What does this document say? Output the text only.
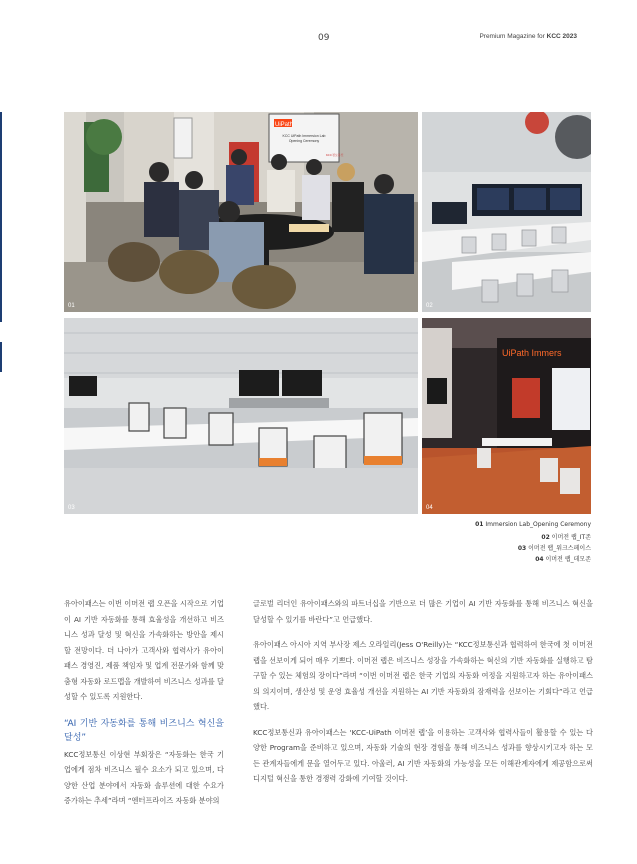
09	Premium Magazine for KCC 2023
UiPath
KCC UiPath Immersion Lab
Opening Ceremony
KCC정보통신
01	02
03
UiPath Immers
04
01 Immersion Lab_Opening Ceremony
02 이머전 랩_IT존
03 이머전 랩_워크스페이스
04 이머전 랩_데모존

유아이패스는 이번 이머전 랩 오픈을 시작으로 기업이 AI 기반 자동화를 통해 효율성을 개선하고 비즈니스 성과 달성 및 혁신을 가속화하는 방안을 제시할 전망이다. 더 나아가 고객사와 협력사가 유아이패스 경영진, 제품 책임자 및 업계 전문가와 함께 맞춤형 자동화 로드맵을 개발하여 비즈니스 성과를 달성할 수 있도록 지원한다.

“AI 기반 자동화를 통해 비즈니스 혁신을 달성”

KCC정보통신 이상현 부회장은 “자동화는 한국 기업에게 점차 비즈니스 필수 요소가 되고 있으며, 다양한 산업 분야에서 자동화 솔루션에 대한 수요가 증가하는 추세”라며 “엔터프라이즈 자동화 분야의

글로벌 리더인 유아이패스와의 파트너십을 기반으로 더 많은 기업이 AI 기반 자동화를 통해 비즈니스 혁신을 달성할 수 있기를 바란다”고 언급했다.

유아이패스 아시아 지역 부사장 제스 오라일리(Jess O'Reilly)는 “KCC정보통신과 협력하여 한국에 첫 이머전 랩을 선보이게 되어 매우 기쁘다. 이머전 랩은 비즈니스 성장을 가속화하는 혁신의 기반 자동화를 실행하고 탐구할 수 있는 체험의 장이다”라며 “이번 이머전 랩은 한국 기업의 자동화 여정을 지원하고자 하는 유아이패스의 의지이며, 생산성 및 운영 효율성 개선을 지원하는 AI 기반 자동화의 잠재력을 선보이는 기회다”라고 언급했다.

KCC정보통신과 유아이패스는 ‘KCC-UiPath 이머전 랩’을 이용하는 고객사와 협력사들이 활용할 수 있는 다양한 Program을 준비하고 있으며, 자동화 기술의 현장 경험을 통해 비즈니스 성과를 향상시키고자 하는 모든 관계자들에게 문을 열어두고 있다. 아울러, AI 기반 자동화의 가능성을 모든 이해관계자에게 제공함으로써 디지털 혁신을 통한 경쟁력 강화에 기여할 것이다.
